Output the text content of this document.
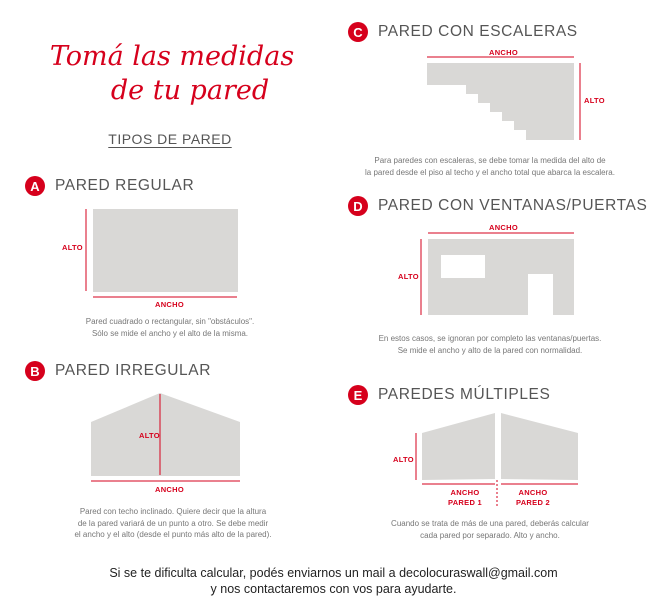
Tomá las medidas
de tu pared
TIPOS DE PARED
A PARED REGULAR
ALTO
ANCHO
Pared cuadrado o rectangular, sin "obstáculos".
Sólo se mide el ancho y el alto de la misma.
B PARED IRREGULAR
ALTO
ANCHO
Pared con techo inclinado. Quiere decir que la altura
de la pared variará de un punto a otro. Se debe medir
el ancho y el alto (desde el punto más alto de la pared).
C PARED CON ESCALERAS
ANCHO
ALTO
Para paredes con escaleras, se debe tomar la medida del alto de
la pared desde el piso al techo y el ancho total que abarca la escalera.
D PARED CON VENTANAS/PUERTAS
ANCHO
ALTO
En estos casos, se ignoran por completo las ventanas/puertas.
Se mide el ancho y alto de la pared con normalidad.
E	PAREDES MÚLTIPLES
ALTO
ANCHO
PARED 1
ANCHO
PARED 2
Cuando se trata de más de una pared, deberás calcular
cada pared por separado. Alto y ancho.
Si se te dificulta calcular, podés enviarnos un mail a decolocuraswall@gmail.com
y nos contactaremos con vos para ayudarte.
